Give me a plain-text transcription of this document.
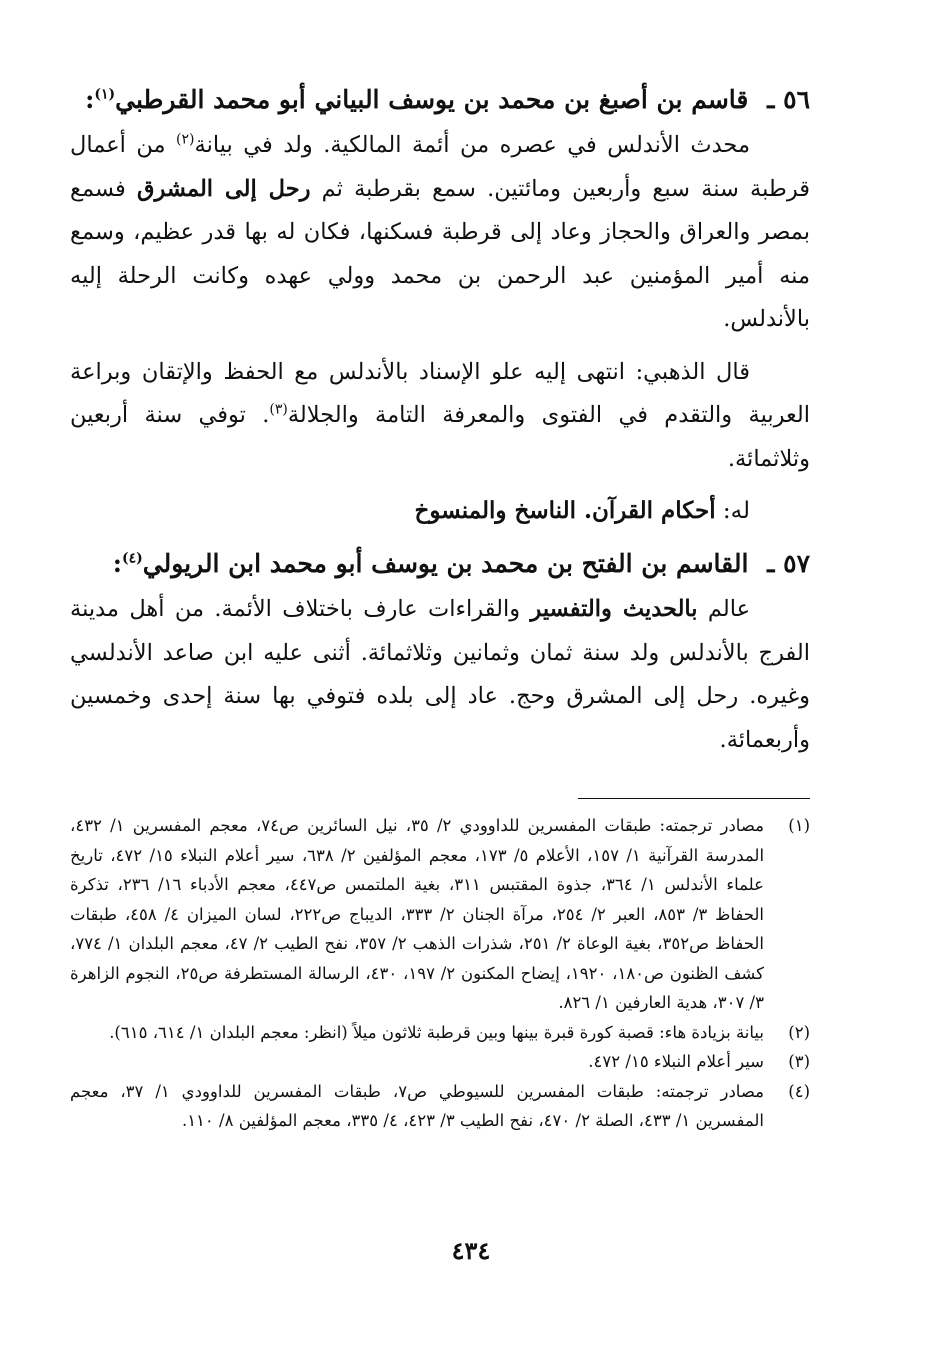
٥٦ ـ قاسم بن أصبغ بن محمد بن يوسف البياني أبو محمد القرطبي$^{(١)}$:

محدث الأندلس في عصره من أئمة المالكية. ولد في بيانة$^{(٢)}$ من أعمال قرطبة سنة سبع وأربعين ومائتين. سمع بقرطبة ثم رحل إلى المشرق فسمع بمصر والعراق والحجاز وعاد إلى قرطبة فسكنها، فكان له بها قدر عظيم، وسمع منه أمير المؤمنين عبد الرحمن بن محمد وولي عهده وكانت الرحلة إليه بالأندلس.

قال الذهبي: انتهى إليه علو الإسناد بالأندلس مع الحفظ والإتقان وبراعة العربية والتقدم في الفتوى والمعرفة التامة والجلالة$^{(٣)}$. توفي سنة أربعين وثلاثمائة.

له: أحكام القرآن. الناسخ والمنسوخ
٥٧ ـ القاسم بن الفتح بن محمد بن يوسف أبو محمد ابن الريولي$^{(٤)}$:

عالم بالحديث والتفسير والقراءات عارف باختلاف الأئمة. من أهل مدينة الفرج بالأندلس ولد سنة ثمان وثمانين وثلاثمائة. أثنى عليه ابن صاعد الأندلسي وغيره. رحل إلى المشرق وحج. عاد إلى بلده فتوفي بها سنة إحدى وخمسين وأربعمائة.

(١)
مصادر ترجمته: طبقات المفسرين للداوودي ٢/ ٣٥، نيل السائرين ص٧٤، معجم المفسرين ١/ ٤٣٢، المدرسة القرآنية ١/ ١٥٧، الأعلام ٥/ ١٧٣، معجم المؤلفين ٢/ ٦٣٨، سير أعلام النبلاء ١٥/ ٤٧٢، تاريخ علماء الأندلس ١/ ٣٦٤، جذوة المقتبس ٣١١، بغية الملتمس ص٤٤٧، معجم الأدباء ١٦/ ٢٣٦، تذكرة الحفاظ ٣/ ٨٥٣، العبر ٢/ ٢٥٤، مرآة الجنان ٢/ ٣٣٣، الديباج ص٢٢٢، لسان الميزان ٤/ ٤٥٨، طبقات الحفاظ ص٣٥٢، بغية الوعاة ٢/ ٢٥١، شذرات الذهب ٢/ ٣٥٧، نفح الطيب ٢/ ٤٧، معجم البلدان ١/ ٧٧٤، كشف الظنون ص١٨٠، ١٩٢٠، إيضاح المكنون ٢/ ١٩٧، ٤٣٠، الرسالة المستطرفة ص٢٥، النجوم الزاهرة ٣/ ٣٠٧، هدية العارفين ١/ ٨٢٦.

(٢)
بيانة بزيادة هاء: قصبة كورة قبرة بينها وبين قرطبة ثلاثون ميلاً (انظر: معجم البلدان ١/ ٦١٤، ٦١٥).

(٣)
سير أعلام النبلاء ١٥/ ٤٧٢.

(٤)
مصادر ترجمته: طبقات المفسرين للسيوطي ص٧، طبقات المفسرين للداوودي ١/ ٣٧، معجم المفسرين ١/ ٤٣٣، الصلة ٢/ ٤٧٠، نفح الطيب ٣/ ٤٢٣، ٤/ ٣٣٥، معجم المؤلفين ٨/ ١١٠.

٤٣٤
